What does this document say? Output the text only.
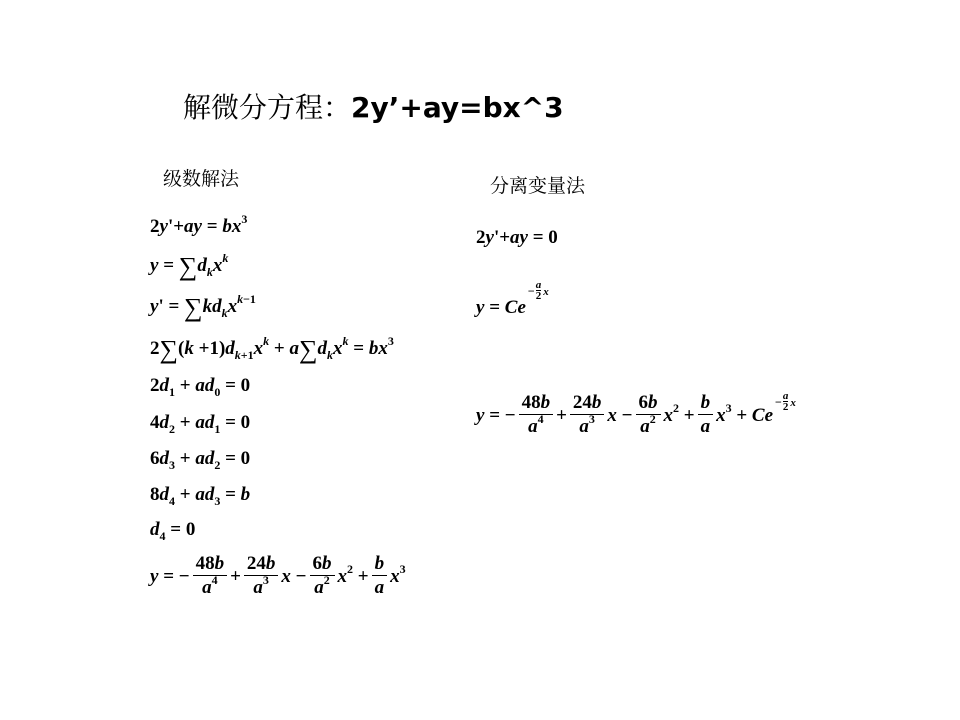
解微分方程：2y’+ay=bx^3
级数解法	分离变量法
$2y'+ay = bx^3$
$y = \sum d_kx^k$
$y' = \sum kd_kx^{k-1}$
$2\sum(k +1)d_{k+1}x^k + a\sum d_kx^k = bx^3$
$2d_1 + ad_0 = 0$
$4d_2 + ad_1 = 0$
$6d_3 + ad_2 = 0$
$8d_4 + ad_3 = b$
$d_4 = 0$
y = − $\frac{48b}{a^4} + \frac{24b}{a^3}$ $x - \frac{6b}{a^2} x^2 + \frac{b}{a} x^3$
2y'+ay = 0
$y = Ce- \frac{a}{2}$ x
y = − $\frac{48b}{a^4} + \frac{24b}{a^3}$ $x - \frac{6b}{a^2} x^2 + \frac{b}{a} x^3 + Ce- \frac{a}{2}$ x
